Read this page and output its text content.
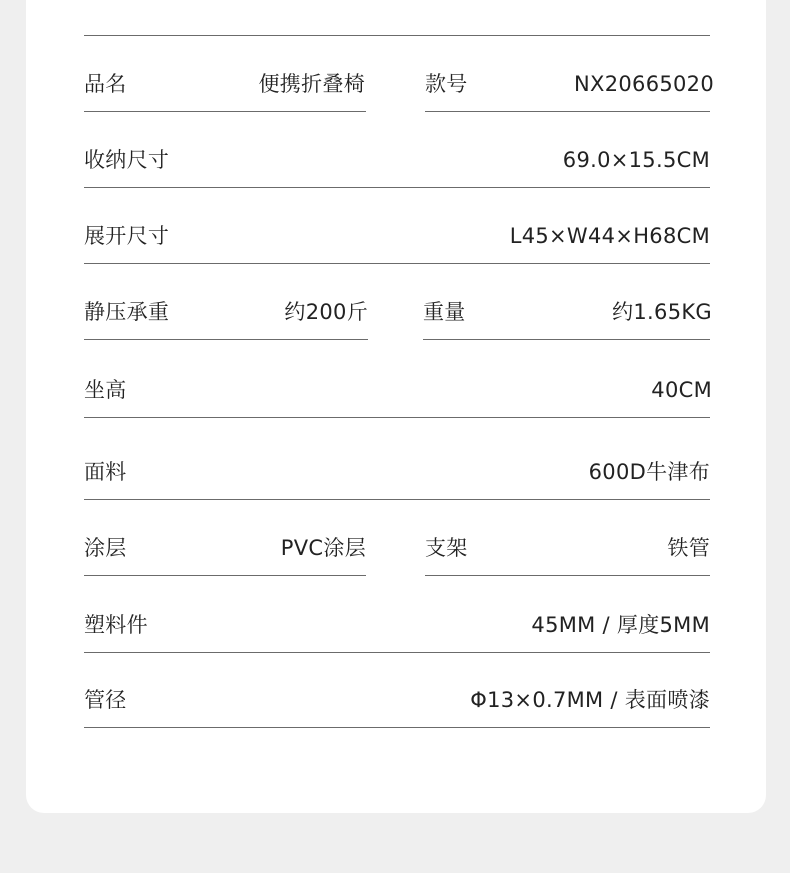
品名	便携折叠椅	款号	NX20665020
收纳尺寸	69.0×15.5CM
展开尺寸	L45×W44×H68CM
静压承重	约200斤	重量	约1.65KG
坐高	40CM
面料	600D牛津布
涂层	PVC涂层	支架	铁管
塑料件	45MM / 厚度5MM
管径	Φ13×0.7MM / 表面喷漆
